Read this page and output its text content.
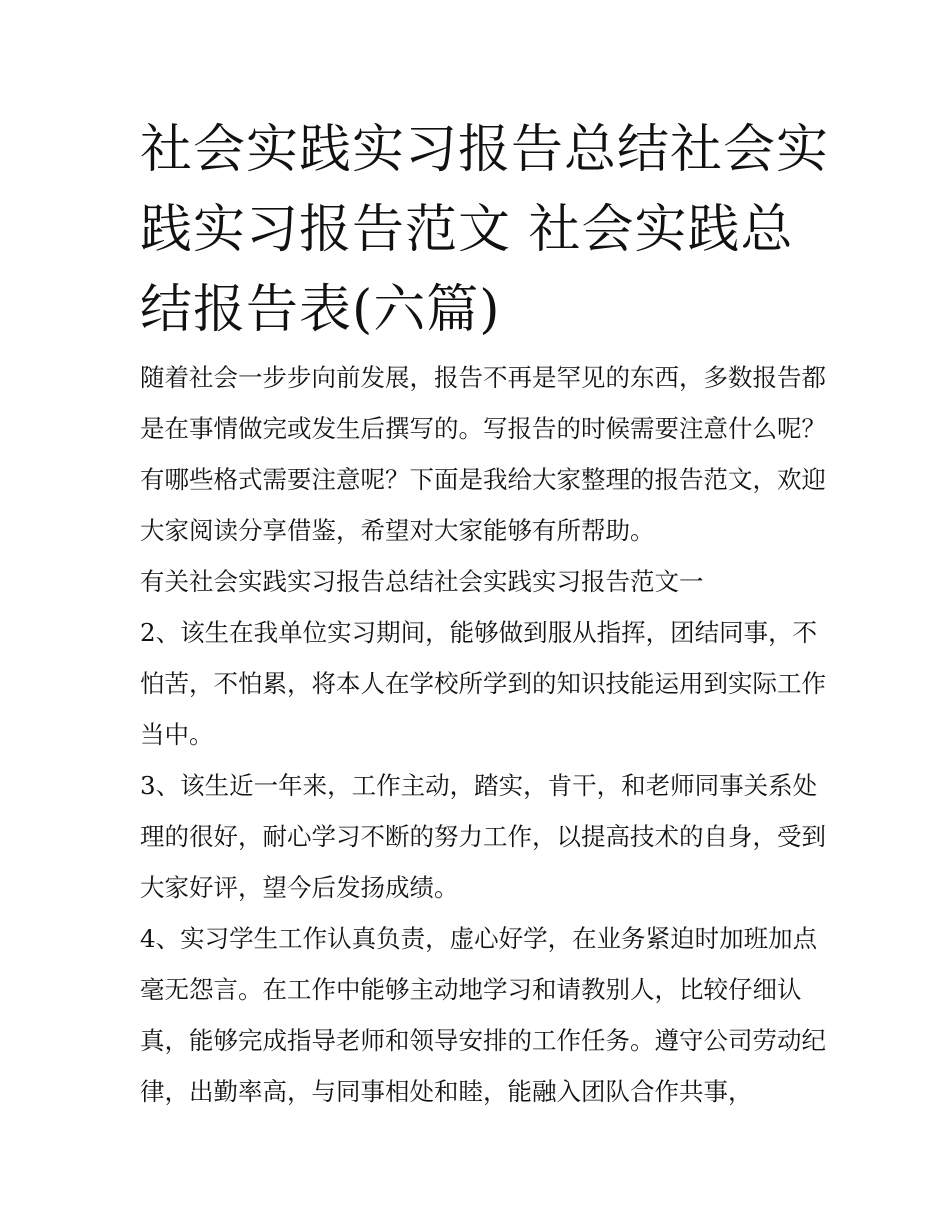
社会实践实习报告总结社会实践实习报告范文 社会实践总结报告表(六篇)

随着社会一步步向前发展，报告不再是罕见的东西，多数报告都是在事情做完或发生后撰写的。写报告的时候需要注意什么呢？有哪些格式需要注意呢？下面是我给大家整理的报告范文，欢迎大家阅读分享借鉴，希望对大家能够有所帮助。

有关社会实践实习报告总结社会实践实习报告范文一

2、该生在我单位实习期间，能够做到服从指挥，团结同事，不怕苦，不怕累，将本人在学校所学到的知识技能运用到实际工作当中。

3、该生近一年来，工作主动，踏实，肯干，和老师同事关系处理的很好，耐心学习不断的努力工作，以提高技术的自身，受到大家好评，望今后发扬成绩。

4、实习学生工作认真负责，虚心好学，在业务紧迫时加班加点毫无怨言。在工作中能够主动地学习和请教别人，比较仔细认真，能够完成指导老师和领导安排的工作任务。遵守公司劳动纪律，出勤率高，与同事相处和睦，能融入团队合作共事，
